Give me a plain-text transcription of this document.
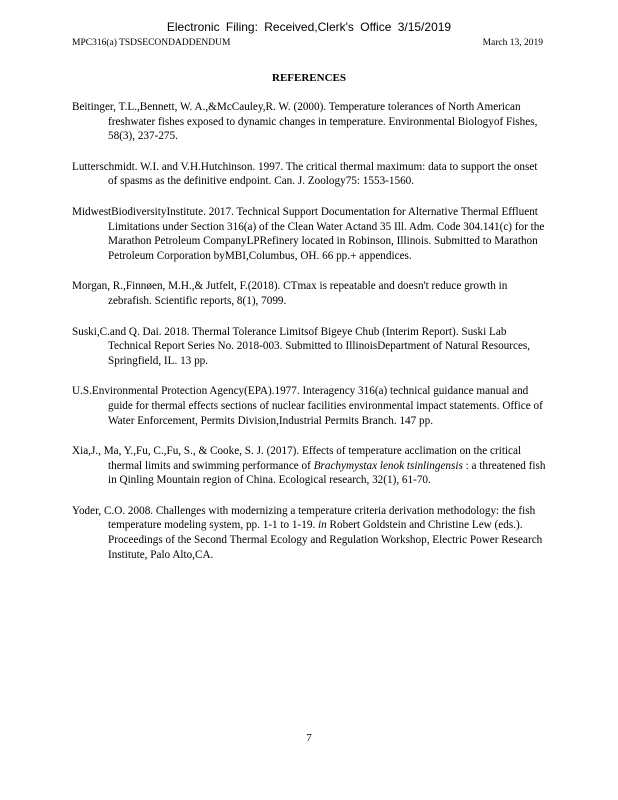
Electronic Filing: Received,Clerk's Office 3/15/2019
MPC316(a) TSDSECONDADDENDUM	March 13, 2019
REFERENCES

Beitinger, T.L.,Bennett, W. A.,&McCauley,R. W. (2000). Temperature tolerances of North American freshwater fishes exposed to dynamic changes in temperature. Environmental Biologyof Fishes, 58(3), 237-275.

Lutterschmidt. W.I. and V.H.Hutchinson. 1997. The critical thermal maximum: data to support the onset of spasms as the definitive endpoint. Can. J. Zoology75: 1553-1560.

MidwestBiodiversityInstitute. 2017. Technical Support Documentation for Alternative Thermal Effluent Limitations under Section 316(a) of the Clean Water Actand 35 Ill. Adm. Code 304.141(c) for the Marathon Petroleum CompanyLPRefinery located in Robinson, Illinois. Submitted to Marathon Petroleum Corporation byMBI,Columbus, OH. 66 pp.+ appendices.

Morgan, R.,Finnøen, M.H.,& Jutfelt, F.(2018). CTmax is repeatable and doesn't reduce growth in zebrafish. Scientific reports, 8(1), 7099.

Suski,C.and Q. Dai. 2018. Thermal Tolerance Limitsof Bigeye Chub (Interim Report). Suski Lab Technical Report Series No. 2018-003. Submitted to IllinoisDepartment of Natural Resources, Springfield, IL. 13 pp.

U.S.Environmental Protection Agency(EPA).1977. Interagency 316(a) technical guidance manual and guide for thermal effects sections of nuclear facilities environmental impact statements. Office of Water Enforcement, Permits Division,Industrial Permits Branch. 147 pp.

Xia,J., Ma, Y.,Fu, C.,Fu, S., & Cooke, S. J. (2017). Effects of temperature acclimation on the critical thermal limits and swimming performance of Brachymystax lenok tsinlingensis : a threatened fish in Qinling Mountain region of China. Ecological research, 32(1), 61-70.

Yoder, C.O. 2008. Challenges with modernizing a temperature criteria derivation methodology: the fish temperature modeling system, pp. 1-1 to 1-19. in Robert Goldstein and Christine Lew (eds.). Proceedings of the Second Thermal Ecology and Regulation Workshop, Electric Power Research Institute, Palo Alto,CA.

7
